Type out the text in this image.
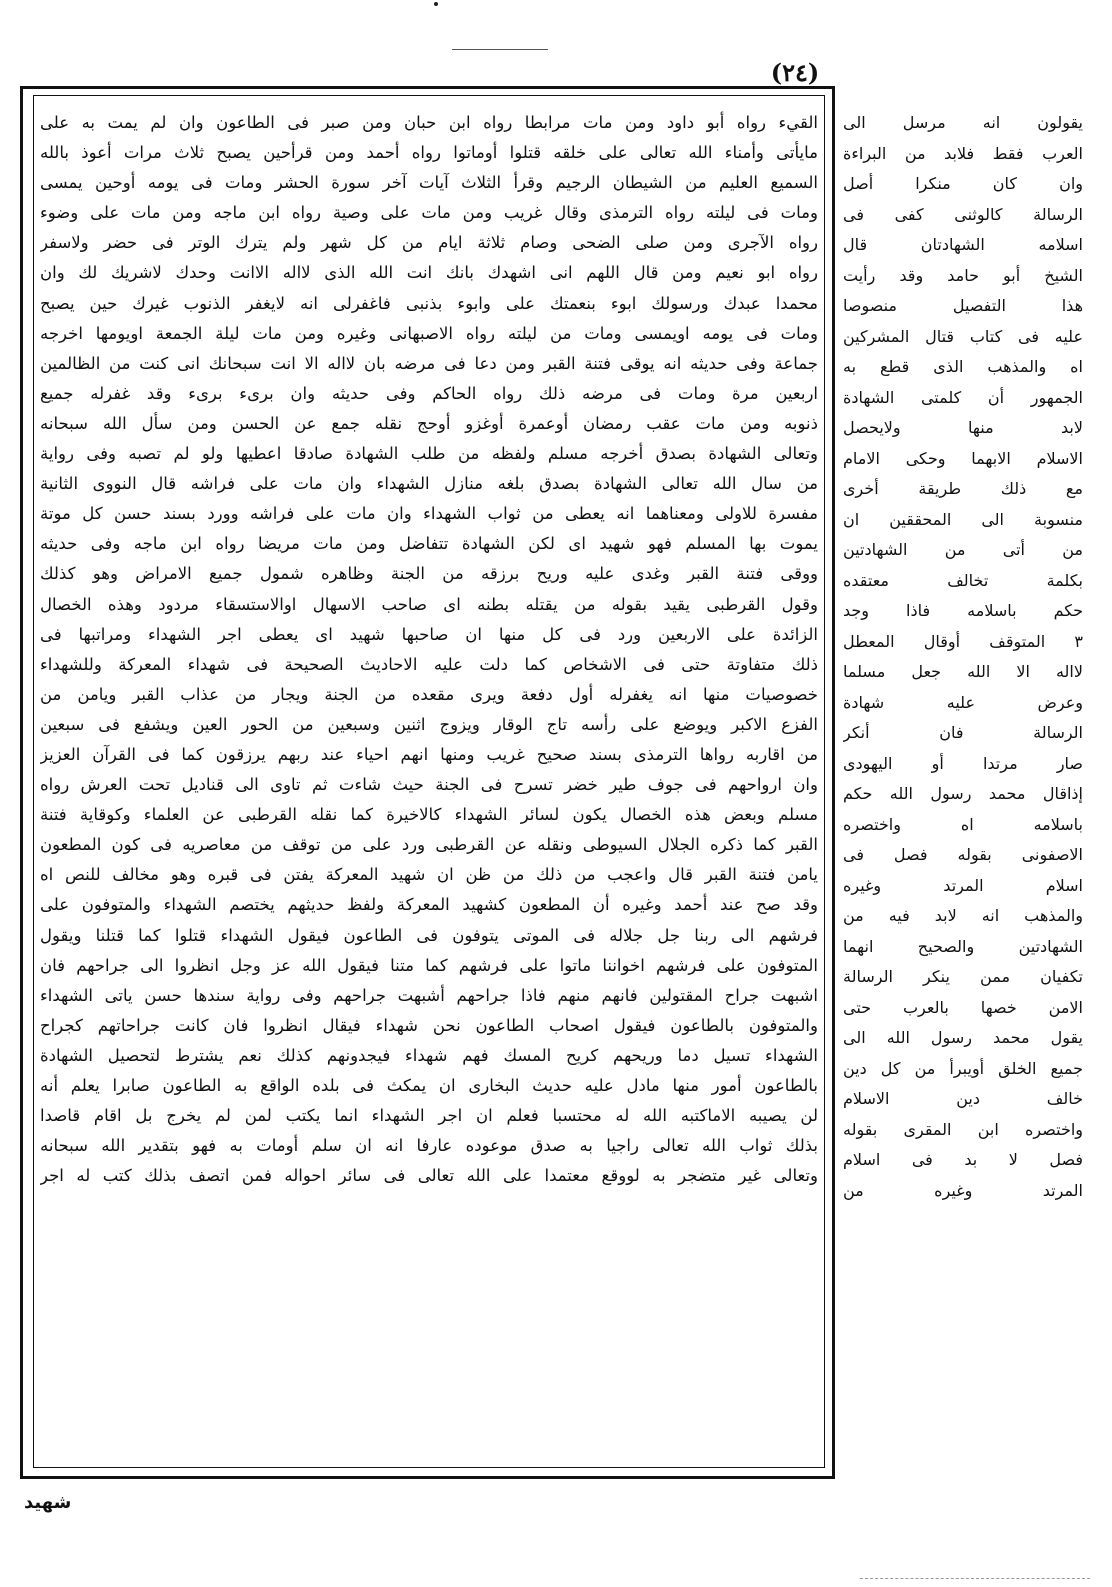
(٢٤)
القيء رواه أبو داود ومن مات مرابطا رواه ابن حبان ومن صبر فى الطاعون وان لم يمت به على
مايأتى وأمناء الله تعالى على خلقه قتلوا أوماتوا رواه أحمد ومن قرأحين يصبح ثلاث مرات أعوذ بالله
السميع العليم من الشيطان الرجيم وقرأ الثلاث آيات آخر سورة الحشر ومات فى يومه أوحين يمسى
ومات فى ليلته رواه الترمذى وقال غريب ومن مات على وصية رواه ابن ماجه ومن مات على وضوء
رواه الآجرى ومن صلى الضحى وصام ثلاثة ايام من كل شهر ولم يترك الوتر فى حضر ولاسفر
رواه ابو نعيم ومن قال اللهم انى اشهدك بانك انت الله الذى لااله الاانت وحدك لاشريك لك وان
محمدا عبدك ورسولك ابوء بنعمتك على وابوء بذنبى فاغفرلى انه لايغفر الذنوب غيرك حين يصبح
ومات فى يومه اويمسى ومات من ليلته رواه الاصبهانى وغيره ومن مات ليلة الجمعة اويومها اخرجه
جماعة وفى حديثه انه يوقى فتنة القبر ومن دعا فى مرضه بان لااله الا انت سبحانك انى كنت من الظالمين
اربعين مرة ومات فى مرضه ذلك رواه الحاكم وفى حديثه وان برىء برىء وقد غفرله جميع
ذنوبه ومن مات عقب رمضان أوعمرة أوغزو أوحج نقله جمع عن الحسن ومن سأل الله سبحانه
وتعالى الشهادة بصدق أخرجه مسلم ولفظه من طلب الشهادة صادقا اعطيها ولو لم تصبه وفى رواية
من سال الله تعالى الشهادة بصدق بلغه منازل الشهداء وان مات على فراشه قال النووى الثانية
مفسرة للاولى ومعناهما انه يعطى من ثواب الشهداء وان مات على فراشه وورد بسند حسن كل موتة
يموت بها المسلم فهو شهيد اى لكن الشهادة تتفاضل ومن مات مريضا رواه ابن ماجه وفى حديثه
ووقى فتنة القبر وغدى عليه وريح برزقه من الجنة وظاهره شمول جميع الامراض وهو كذلك
وقول القرطبى يقيد بقوله من يقتله بطنه اى صاحب الاسهال اوالاستسقاء مردود وهذه الخصال
الزائدة على الاربعين ورد فى كل منها ان صاحبها شهيد اى يعطى اجر الشهداء ومراتبها فى
ذلك متفاوتة حتى فى الاشخاص كما دلت عليه الاحاديث الصحيحة فى شهداء المعركة وللشهداء
خصوصيات منها انه يغفرله أول دفعة ويرى مقعده من الجنة ويجار من عذاب القبر ويامن من
الفزع الاكبر ويوضع على رأسه تاج الوقار ويزوج اثنين وسبعين من الحور العين ويشفع فى سبعين
من اقاربه رواها الترمذى بسند صحيح غريب ومنها انهم احياء عند ربهم يرزقون كما فى القرآن العزيز
وان ارواحهم فى جوف طير خضر تسرح فى الجنة حيث شاءت ثم تاوى الى قناديل تحت العرش رواه
مسلم وبعض هذه الخصال يكون لسائر الشهداء كالاخيرة كما نقله القرطبى عن العلماء وكوقاية فتنة
القبر كما ذكره الجلال السيوطى ونقله عن القرطبى ورد على من توقف من معاصريه فى كون المطعون
يامن فتنة القبر قال واعجب من ذلك من ظن ان شهيد المعركة يفتن فى قبره وهو مخالف للنص اه
وقد صح عند أحمد وغيره أن المطعون كشهيد المعركة ولفظ حديثهم يختصم الشهداء والمتوفون على
فرشهم الى ربنا جل جلاله فى الموتى يتوفون فى الطاعون فيقول الشهداء قتلوا كما قتلنا ويقول
المتوفون على فرشهم اخواننا ماتوا على فرشهم كما متنا فيقول الله عز وجل انظروا الى جراحهم فان
اشبهت جراح المقتولين فانهم منهم فاذا جراحهم أشبهت جراحهم وفى رواية سندها حسن ياتى الشهداء
والمتوفون بالطاعون فيقول اصحاب الطاعون نحن شهداء فيقال انظروا فان كانت جراحاتهم كجراح
الشهداء تسيل دما وريحهم كريح المسك فهم شهداء فيجدونهم كذلك نعم يشترط لتحصيل الشهادة
بالطاعون أمور منها مادل عليه حديث البخارى ان يمكث فى بلده الواقع به الطاعون صابرا يعلم أنه
لن يصيبه الاماكتبه الله له محتسبا فعلم ان اجر الشهداء انما يكتب لمن لم يخرج بل اقام قاصدا
بذلك ثواب الله تعالى راجيا به صدق موعوده عارفا انه ان سلم أومات به فهو بتقدير الله سبحانه
وتعالى غير متضجر به لووقع معتمدا على الله تعالى فى سائر احواله فمن اتصف بذلك كتب له اجر
يقولون انه مرسل الى
العرب فقط فلابد من البراءة
وان كان منكرا أصل
الرسالة كالوثنى كفى فى
اسلامه الشهادتان قال
الشيخ أبو حامد وقد رأيت
هذا التفصيل منصوصا
عليه فى كتاب قتال المشركين
اه والمذهب الذى قطع به
الجمهور أن كلمتى الشهادة
لابد منها ولايحصل
الاسلام الابهما وحكى الامام
مع ذلك طريقة أخرى
منسوبة الى المحققين ان
من أتى من الشهادتين
بكلمة تخالف معتقده
حكم باسلامه فاذا وجد
٣ المتوقف أوقال المعطل
لااله الا الله جعل مسلما
وعرض عليه شهادة
الرسالة فان أنكر
صار مرتدا أو اليهودى
إذاقال محمد رسول الله حكم
باسلامه اه واختصره
الاصفونى بقوله فصل فى
اسلام المرتد وغيره
والمذهب انه لابد فيه من
الشهادتين والصحيح انهما
تكفيان ممن ينكر الرسالة
الامن خصها بالعرب حتى
يقول محمد رسول الله الى
جميع الخلق أويبرأ من كل دين
خالف دين الاسلام
واختصره ابن المقرى بقوله
فصل لا بد فى اسلام
المرتد وغيره من
شهيد
